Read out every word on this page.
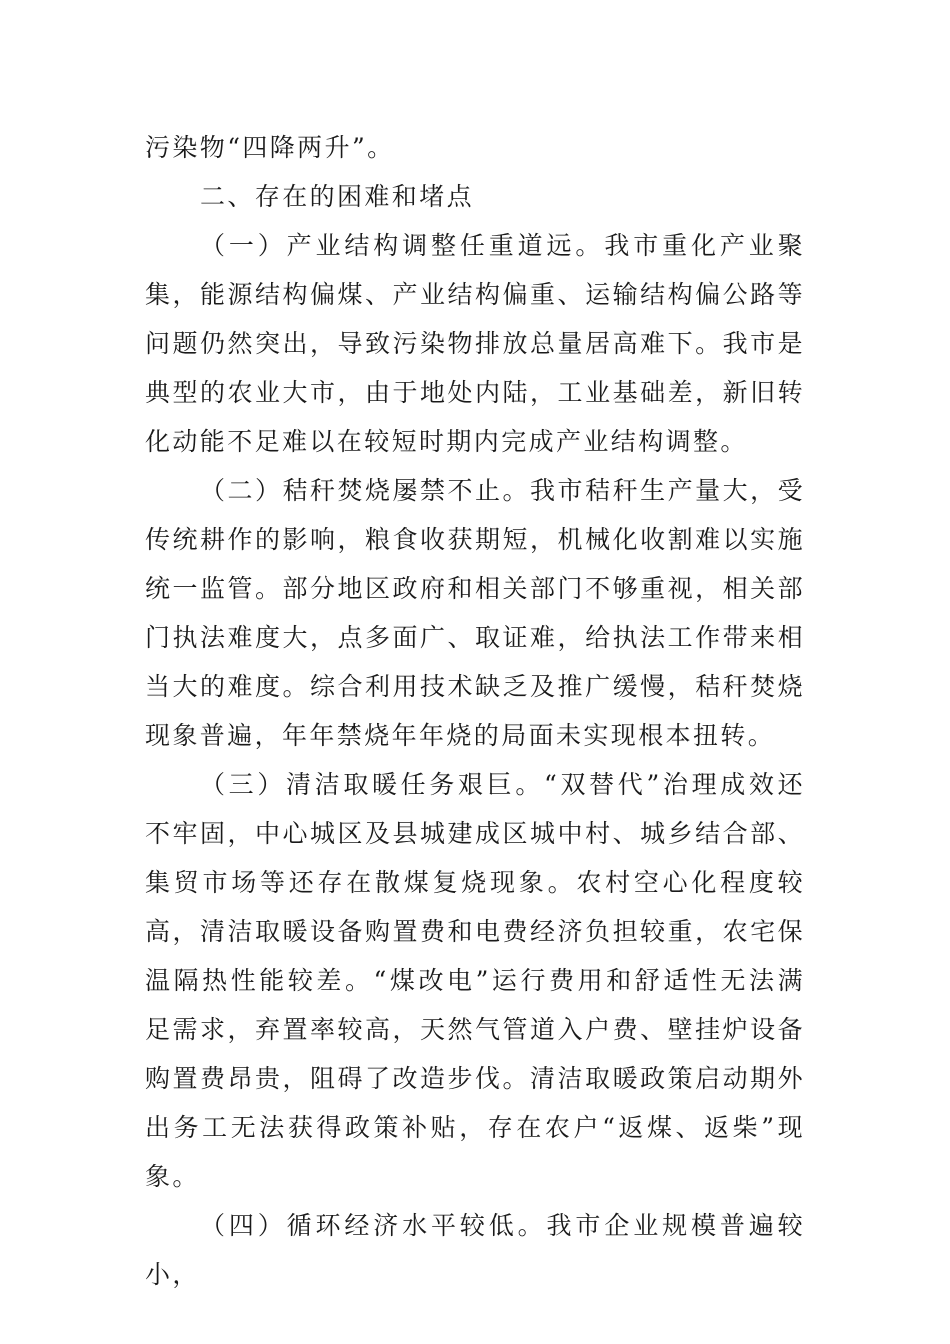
污染物“四降两升”。

二、存在的困难和堵点

（一）产业结构调整任重道远。我市重化产业聚集，能源结构偏煤、产业结构偏重、运输结构偏公路等问题仍然突出，导致污染物排放总量居高难下。我市是典型的农业大市，由于地处内陆，工业基础差，新旧转化动能不足难以在较短时期内完成产业结构调整。

（二）秸秆焚烧屡禁不止。我市秸秆生产量大，受传统耕作的影响，粮食收获期短，机械化收割难以实施统一监管。部分地区政府和相关部门不够重视，相关部门执法难度大，点多面广、取证难，给执法工作带来相当大的难度。综合利用技术缺乏及推广缓慢，秸秆焚烧现象普遍，年年禁烧年年烧的局面未实现根本扭转。

（三）清洁取暖任务艰巨。“双替代”治理成效还不牢固，中心城区及县城建成区城中村、城乡结合部、集贸市场等还存在散煤复烧现象。农村空心化程度较高，清洁取暖设备购置费和电费经济负担较重，农宅保温隔热性能较差。“煤改电”运行费用和舒适性无法满足需求，弃置率较高，天然气管道入户费、壁挂炉设备购置费昂贵，阻碍了改造步伐。清洁取暖政策启动期外出务工无法获得政策补贴，存在农户“返煤、返柴”现象。

（四）循环经济水平较低。我市企业规模普遍较小，
